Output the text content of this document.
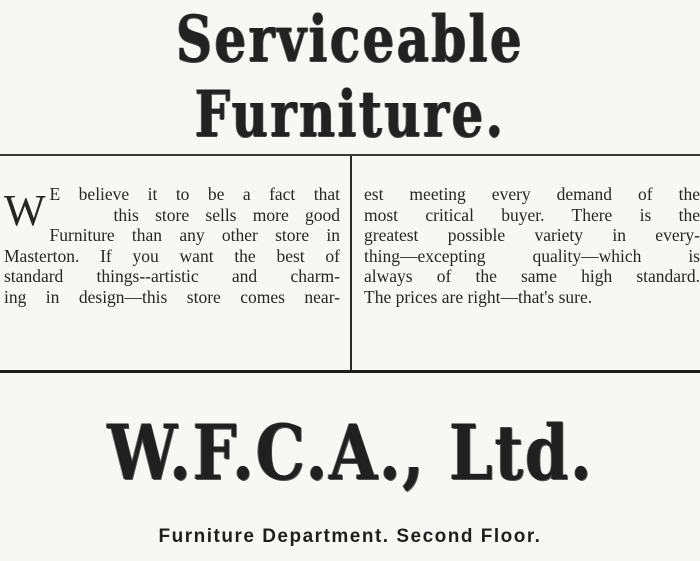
Serviceable Furniture.
W E believe it to be a fact that
this store sells more good
Furniture than any other store in
Masterton. If you want the best of
standard things--artistic and charm-
ing in design—this store comes near-
est meeting every demand of the
most critical buyer. There is the
greatest possible variety in every-
thing—excepting quality—which is
always of the same high standard.
The prices are right—that's sure.
W.F.C.A., Ltd.
Furniture Department. Second Floor.
